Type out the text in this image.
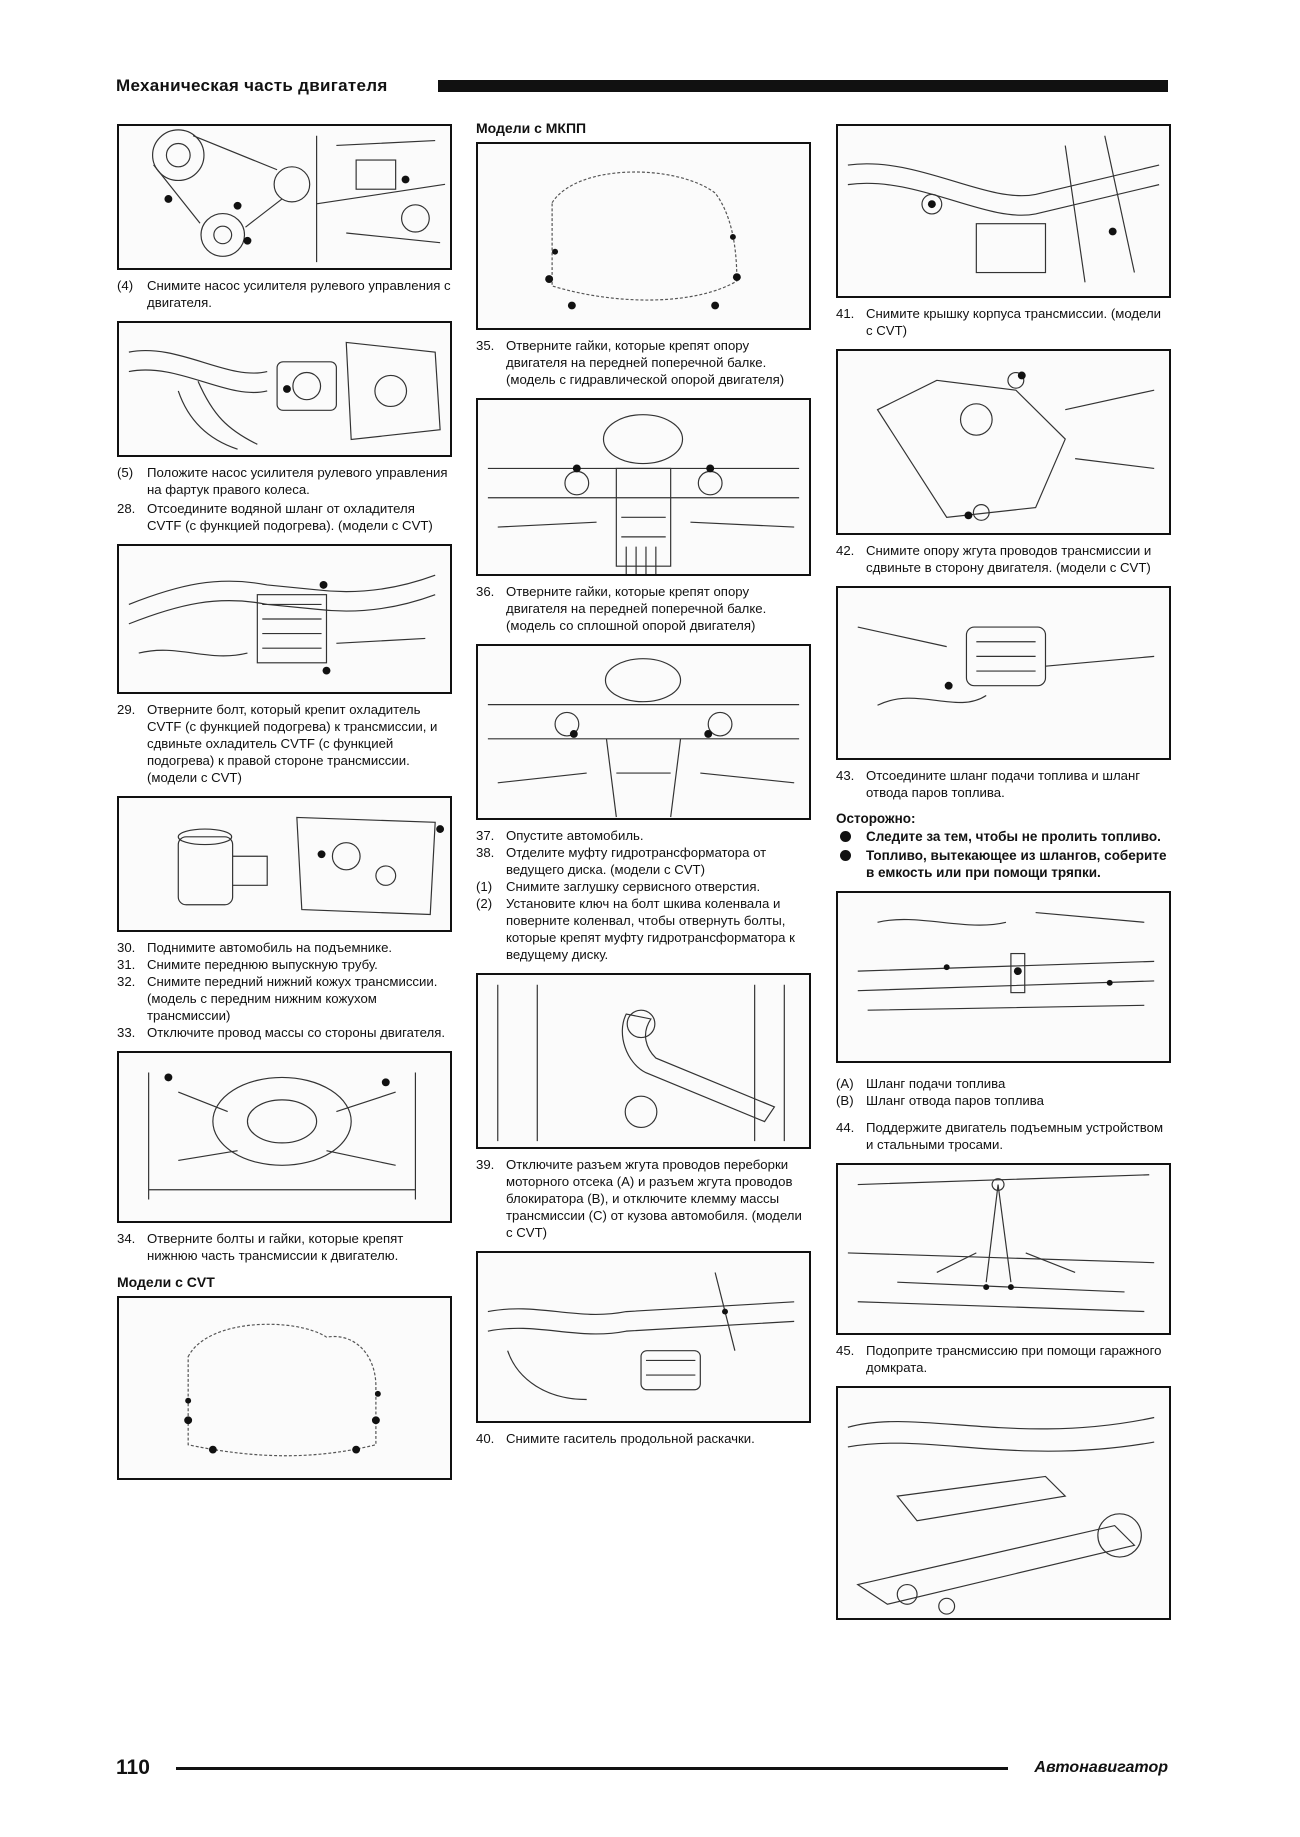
Механическая часть двигателя
(4) Снимите насос усилителя рулевого управления с двигателя.
(5) Положите насос усилителя рулевого управления на фартук правого колеса.
28. Отсоедините водяной шланг от охладителя CVTF (с функцией подогрева). (модели с CVT)
29. Отверните болт, который крепит охладитель CVTF (с функцией подогрева) к трансмиссии, и сдвиньте охладитель CVTF (с функцией подогрева) к правой стороне трансмиссии. (модели с CVT)
30. Поднимите автомобиль на подъемнике.
31. Снимите переднюю выпускную трубу.
32. Снимите передний нижний кожух трансмиссии. (модель с передним нижним кожухом трансмиссии)
33. Отключите провод массы со стороны двигателя.
34. Отверните болты и гайки, которые крепят нижнюю часть трансмиссии к двигателю.
Модели с CVT
Модели с МКПП
35. Отверните гайки, которые крепят опору двигателя на передней поперечной балке. (модель с гидравлической опорой двигателя)
36. Отверните гайки, которые крепят опору двигателя на передней поперечной балке. (модель со сплошной опорой двигателя)
37. Опустите автомобиль.
38. Отделите муфту гидротрансформатора от ведущего диска. (модели с CVT)
(1) Снимите заглушку сервисного отверстия.
(2) Установите ключ на болт шкива коленвала и поверните коленвал, чтобы отвернуть болты, которые крепят муфту гидротрансформатора к ведущему диску.
39. Отключите разъем жгута проводов переборки моторного отсека (А) и разъем жгута проводов блокиратора (В), и отключите клемму массы трансмиссии (С) от кузова автомобиля. (модели с CVT)
40. Снимите гаситель продольной раскачки.
41. Снимите крышку корпуса трансмиссии. (модели с CVT)
42. Снимите опору жгута проводов трансмиссии и сдвиньте в сторону двигателя. (модели с CVT)
43. Отсоедините шланг подачи топлива и шланг отвода паров топлива.
Осторожно:
Следите за тем, чтобы не пролить топливо.
Топливо, вытекающее из шлангов, соберите в емкость или при помощи тряпки.
(А) Шланг подачи топлива
(В) Шланг отвода паров топлива
44. Поддержите двигатель подъемным устройством и стальными тросами.
45. Подоприте трансмиссию при помощи гаражного домкрата.
110	Автонавигатор
